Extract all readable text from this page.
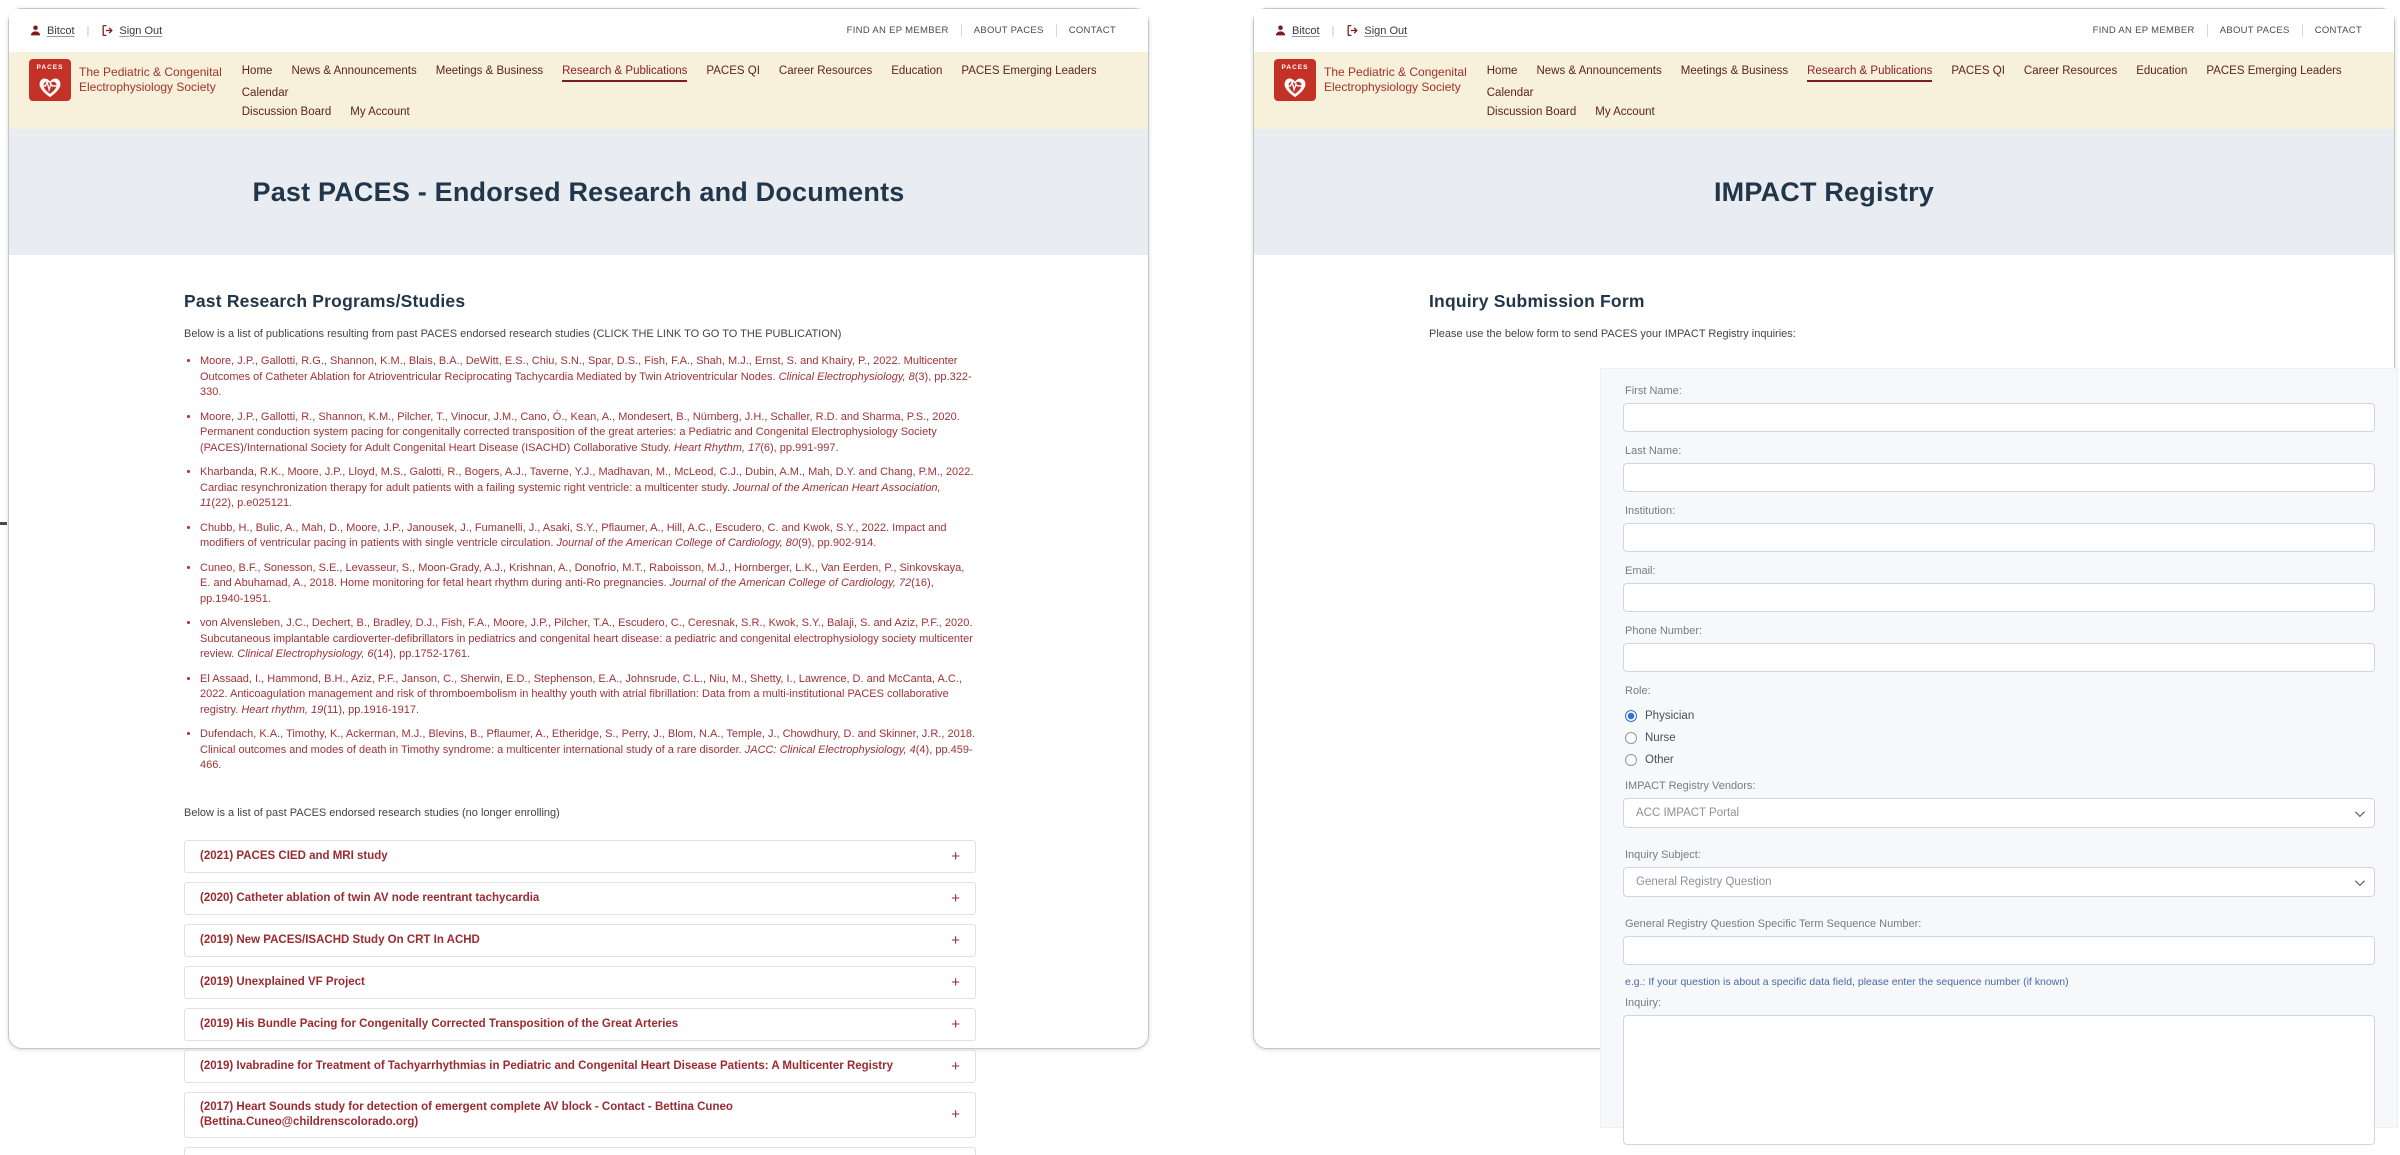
Bitcot |	Sign Out	FIND AN EP MEMBER	ABOUT PACES	CONTACT
PACES The Pediatric & Congenital
Electrophysiology Society
Home News & Announcements Meetings & Business Research & Publications PACES QI Career Resources Education PACES Emerging Leaders
Calendar
Discussion Board My Account
Past PACES - Endorsed Research and Documents
Past Research Programs/Studies
Below is a list of publications resulting from past PACES endorsed research studies (CLICK THE LINK TO GO TO THE PUBLICATION)
• Moore, J.P., Gallotti, R.G., Shannon, K.M., Blais, B.A., DeWitt, E.S., Chiu, S.N., Spar, D.S., Fish, F.A., Shah, M.J., Ernst, S. and Khairy, P., 2022. Multicenter Outcomes of Catheter Ablation for Atrioventricular Reciprocating Tachycardia Mediated by Twin Atrioventricular Nodes. Clinical Electrophysiology, 8(3), pp.322-330.
• Moore, J.P., Gallotti, R., Shannon, K.M., Pilcher, T., Vinocur, J.M., Cano, Ó., Kean, A., Mondesert, B., Nürnberg, J.H., Schaller, R.D. and Sharma, P.S., 2020. Permanent conduction system pacing for congenitally corrected transposition of the great arteries: a Pediatric and Congenital Electrophysiology Society (PACES)/International Society for Adult Congenital Heart Disease (ISACHD) Collaborative Study. Heart Rhythm, 17(6), pp.991-997.
• Kharbanda, R.K., Moore, J.P., Lloyd, M.S., Galotti, R., Bogers, A.J., Taverne, Y.J., Madhavan, M., McLeod, C.J., Dubin, A.M., Mah, D.Y. and Chang, P.M., 2022. Cardiac resynchronization therapy for adult patients with a failing systemic right ventricle: a multicenter study. Journal of the American Heart Association, 11(22), p.e025121.
• Chubb, H., Bulic, A., Mah, D., Moore, J.P., Janousek, J., Fumanelli, J., Asaki, S.Y., Pflaumer, A., Hill, A.C., Escudero, C. and Kwok, S.Y., 2022. Impact and modifiers of ventricular pacing in patients with single ventricle circulation. Journal of the American College of Cardiology, 80(9), pp.902-914.
• Cuneo, B.F., Sonesson, S.E., Levasseur, S., Moon-Grady, A.J., Krishnan, A., Donofrio, M.T., Raboisson, M.J., Hornberger, L.K., Van Eerden, P., Sinkovskaya, E. and Abuhamad, A., 2018. Home monitoring for fetal heart rhythm during anti-Ro pregnancies. Journal of the American College of Cardiology, 72(16), pp.1940-1951.
• von Alvensleben, J.C., Dechert, B., Bradley, D.J., Fish, F.A., Moore, J.P., Pilcher, T.A., Escudero, C., Ceresnak, S.R., Kwok, S.Y., Balaji, S. and Aziz, P.F., 2020. Subcutaneous implantable cardioverter-defibrillators in pediatrics and congenital heart disease: a pediatric and congenital electrophysiology society multicenter review. Clinical Electrophysiology, 6(14), pp.1752-1761.
• El Assaad, I., Hammond, B.H., Aziz, P.F., Janson, C., Sherwin, E.D., Stephenson, E.A., Johnsrude, C.L., Niu, M., Shetty, I., Lawrence, D. and McCanta, A.C., 2022. Anticoagulation management and risk of thromboembolism in healthy youth with atrial fibrillation: Data from a multi-institutional PACES collaborative registry. Heart rhythm, 19(11), pp.1916-1917.
• Dufendach, K.A., Timothy, K., Ackerman, M.J., Blevins, B., Pflaumer, A., Etheridge, S., Perry, J., Blom, N.A., Temple, J., Chowdhury, D. and Skinner, J.R., 2018. Clinical outcomes and modes of death in Timothy syndrome: a multicenter international study of a rare disorder. JACC: Clinical Electrophysiology, 4(4), pp.459-466.
Below is a list of past PACES endorsed research studies (no longer enrolling)
(2021) PACES CIED and MRI study	+
(2020) Catheter ablation of twin AV node reentrant tachycardia	+
(2019) New PACES/ISACHD Study On CRT In ACHD	+
(2019) Unexplained VF Project	+
(2019) His Bundle Pacing for Congenitally Corrected Transposition of the Great Arteries	+
(2019) Ivabradine for Treatment of Tachyarrhythmias in Pediatric and Congenital Heart Disease Patients: A Multicenter Registry	+
(2017) Heart Sounds study for detection of emergent complete AV block - Contact - Bettina Cuneo (Bettina.Cuneo@childrenscolorado.org)	+
Bitcot |	Sign Out	FIND AN EP MEMBER	ABOUT PACES	CONTACT
PACES The Pediatric & Congenital
Electrophysiology Society
Home News & Announcements Meetings & Business Research & Publications PACES QI Career Resources Education PACES Emerging Leaders
Calendar
Discussion Board My Account
IMPACT Registry
Inquiry Submission Form
Please use the below form to send PACES your IMPACT Registry inquiries:
First Name:
Last Name:
Institution:
Email:
Phone Number:
Role:
Physician
Nurse
Other
IMPACT Registry Vendors:
ACC IMPACT Portal
Inquiry Subject:
General Registry Question
General Registry Question Specific Term Sequence Number:
e.g.: If your question is about a specific data field, please enter the sequence number (if known)
Inquiry:
